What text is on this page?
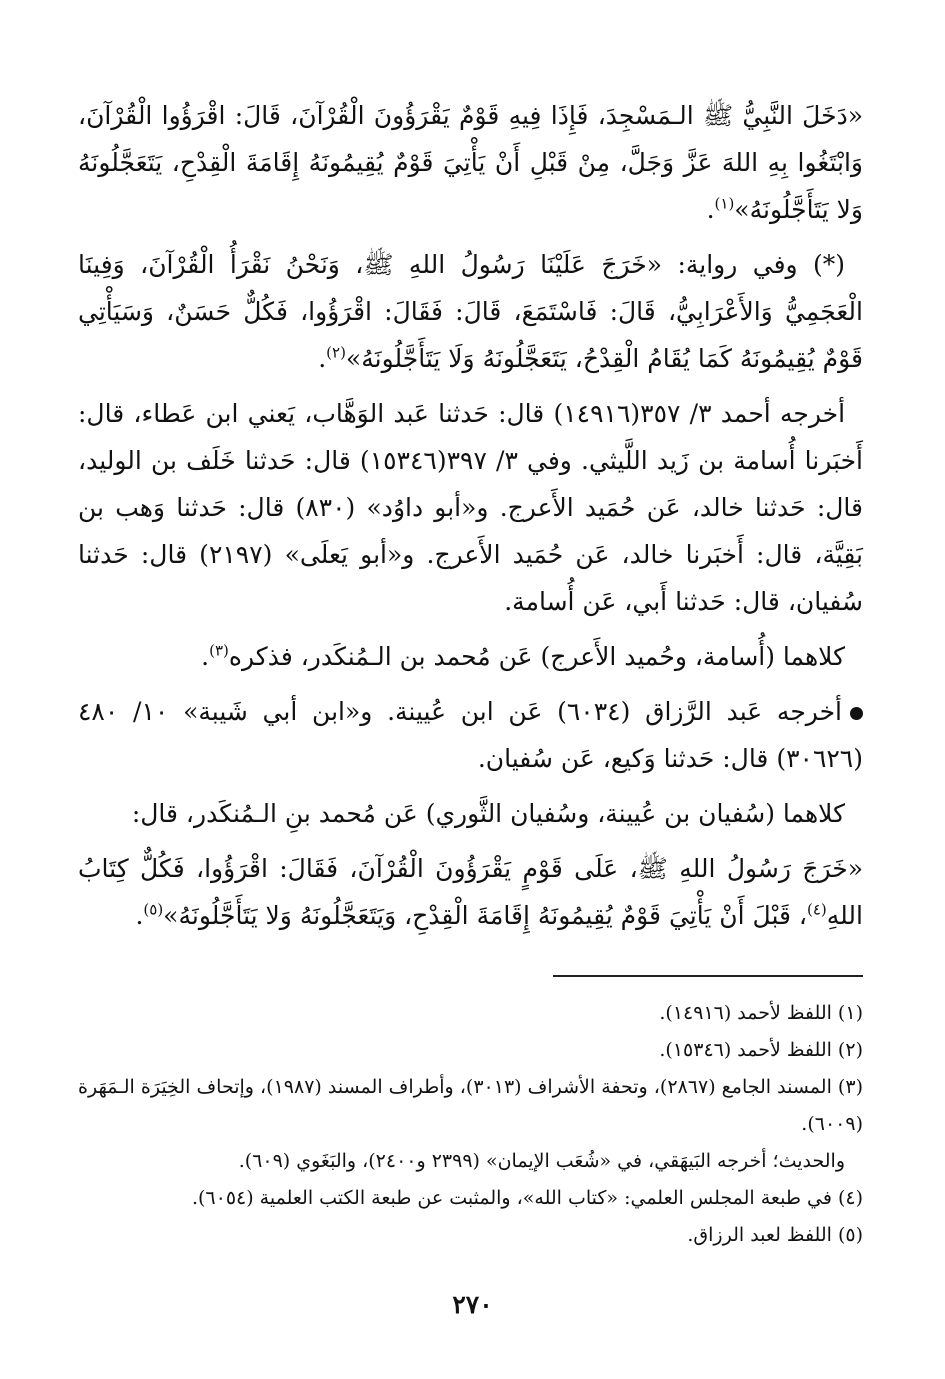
«دَخَلَ النَّبِيُّ ﷺ الـمَسْجِدَ، فَإِذَا فِيهِ قَوْمٌ يَقْرَؤُونَ الْقُرْآنَ، قَالَ: اقْرَؤُوا الْقُرْآنَ، وَابْتَغُوا بِهِ اللهَ عَزَّ وَجَلَّ، مِنْ قَبْلِ أَنْ يَأْتِيَ قَوْمٌ يُقِيمُونَهُ إِقَامَةَ الْقِدْحِ، يَتَعَجَّلُونَهُ وَلا يَتَأَجَّلُونَهُ»$^{(١)}$.

(*) وفي رواية: «خَرَجَ عَلَيْنَا رَسُولُ اللهِ ﷺ، وَنَحْنُ نَقْرَأُ الْقُرْآنَ، وَفِينَا الْعَجَمِيُّ وَالأَعْرَابِيُّ، قَالَ: فَاسْتَمَعَ، قَالَ: فَقَالَ: اقْرَؤُوا، فَكُلٌّ حَسَنٌ، وَسَيَأْتِي قَوْمٌ يُقِيمُونَهُ كَمَا يُقَامُ الْقِدْحُ، يَتَعَجَّلُونَهُ وَلَا يَتَأَجَّلُونَهُ»$^{(٢)}$.

أخرجه أحمد ٣/ ٣٥٧(١٤٩١٦) قال: حَدثنا عَبد الوَهَّاب، يَعني ابن عَطاء، قال: أَخبَرنا أُسامة بن زَيد اللَّيثي. وفي ٣/ ٣٩٧(١٥٣٤٦) قال: حَدثنا خَلَف بن الوليد، قال: حَدثنا خالد، عَن حُمَيد الأَعرج. و«أبو داوُد» (٨٣٠) قال: حَدثنا وَهب بن بَقِيَّة، قال: أَخبَرنا خالد، عَن حُمَيد الأَعرج. و«أبو يَعلَى» (٢١٩٧) قال: حَدثنا سُفيان، قال: حَدثنا أَبي، عَن أُسامة.

كلاهما (أُسامة، وحُميد الأَعرج) عَن مُحمد بن الـمُنكَدر، فذكره$^{(٣)}$.

أخرجه عَبد الرَّزاق (٦٠٣٤) عَن ابن عُيينة. و«ابن أبي شَيبة» ١٠/ ٤٨٠ (٣٠٦٢٦) قال: حَدثنا وَكيع، عَن سُفيان.

كلاهما (سُفيان بن عُيينة، وسُفيان الثَّوري) عَن مُحمد بنِ الـمُنكَدر، قال:

«خَرَجَ رَسُولُ اللهِ ﷺ، عَلَى قَوْمٍ يَقْرَؤُونَ الْقُرْآنَ، فَقَالَ: اقْرَؤُوا، فَكُلٌّ كِتَابُ اللهِ$^{(٤)}$، قَبْلَ أَنْ يَأْتِيَ قَوْمٌ يُقِيمُونَهُ إِقَامَةَ الْقِدْحِ، وَيَتَعَجَّلُونَهُ وَلا يَتَأَجَّلُونَهُ»$^{(٥)}$.

(١) اللفظ لأحمد (١٤٩١٦).

(٢) اللفظ لأحمد (١٥٣٤٦).

(٣) المسند الجامع (٢٨٦٧)، وتحفة الأشراف (٣٠١٣)، وأطراف المسند (١٩٨٧)، وإتحاف الخِيَرَة الـمَهَرة (٦٠٠٩).

والحديث؛ أخرجه البَيهَقي، في «شُعَب الإيمان» (٢٣٩٩ و٢٤٠٠)، والبَغَوي (٦٠٩).

(٤) في طبعة المجلس العلمي: «كتاب الله»، والمثبت عن طبعة الكتب العلمية (٦٠٥٤).

(٥) اللفظ لعبد الرزاق.

٢٧٠
